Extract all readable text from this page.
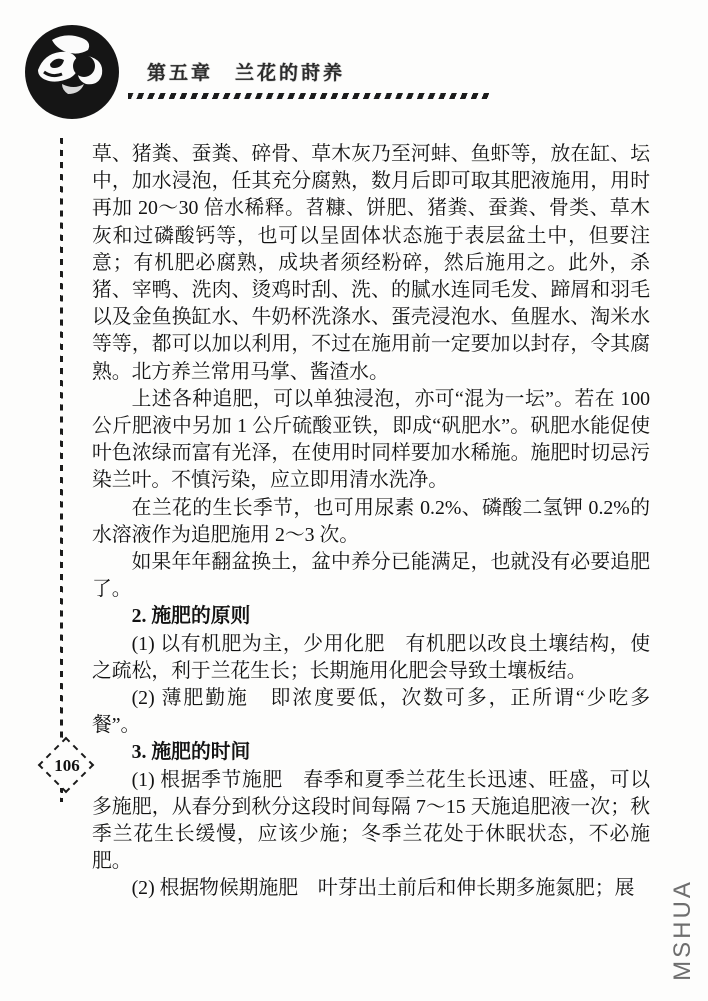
第五章　兰花的莳养
106

草、猪粪、蚕粪、碎骨、草木灰乃至河蚌、鱼虾等，放在缸、坛中，加水浸泡，任其充分腐熟，数月后即可取其肥液施用，用时再加 20～30 倍水稀释。苕糠、饼肥、猪粪、蚕粪、骨类、草木灰和过磷酸钙等，也可以呈固体状态施于表层盆土中，但要注意；有机肥必腐熟，成块者须经粉碎，然后施用之。此外，杀猪、宰鸭、洗肉、烫鸡时刮、洗、的腻水连同毛发、蹄屑和羽毛以及金鱼换缸水、牛奶杯洗涤水、蛋壳浸泡水、鱼腥水、淘米水等等，都可以加以利用，不过在施用前一定要加以封存，令其腐熟。北方养兰常用马掌、酱渣水。

上述各种追肥，可以单独浸泡，亦可“混为一坛”。若在 100 公斤肥液中另加 1 公斤硫酸亚铁，即成“矾肥水”。矾肥水能促使叶色浓绿而富有光泽，在使用时同样要加水稀施。施肥时切忌污染兰叶。不慎污染，应立即用清水洗净。

在兰花的生长季节，也可用尿素 0.2%、磷酸二氢钾 0.2%的水溶液作为追肥施用 2～3 次。

如果年年翻盆换土，盆中养分已能满足，也就没有必要追肥了。

2. 施肥的原则

(1) 以有机肥为主，少用化肥　有机肥以改良土壤结构，使之疏松，利于兰花生长；长期施用化肥会导致土壤板结。

(2) 薄肥勤施　即浓度要低，次数可多，正所谓“少吃多餐”。

3. 施肥的时间

(1) 根据季节施肥　春季和夏季兰花生长迅速、旺盛，可以多施肥，从春分到秋分这段时间每隔 7～15 天施追肥液一次；秋季兰花生长缓慢，应该少施；冬季兰花处于休眠状态，不必施肥。

(2) 根据物候期施肥　叶芽出土前后和伸长期多施氮肥；展	MSHUA
